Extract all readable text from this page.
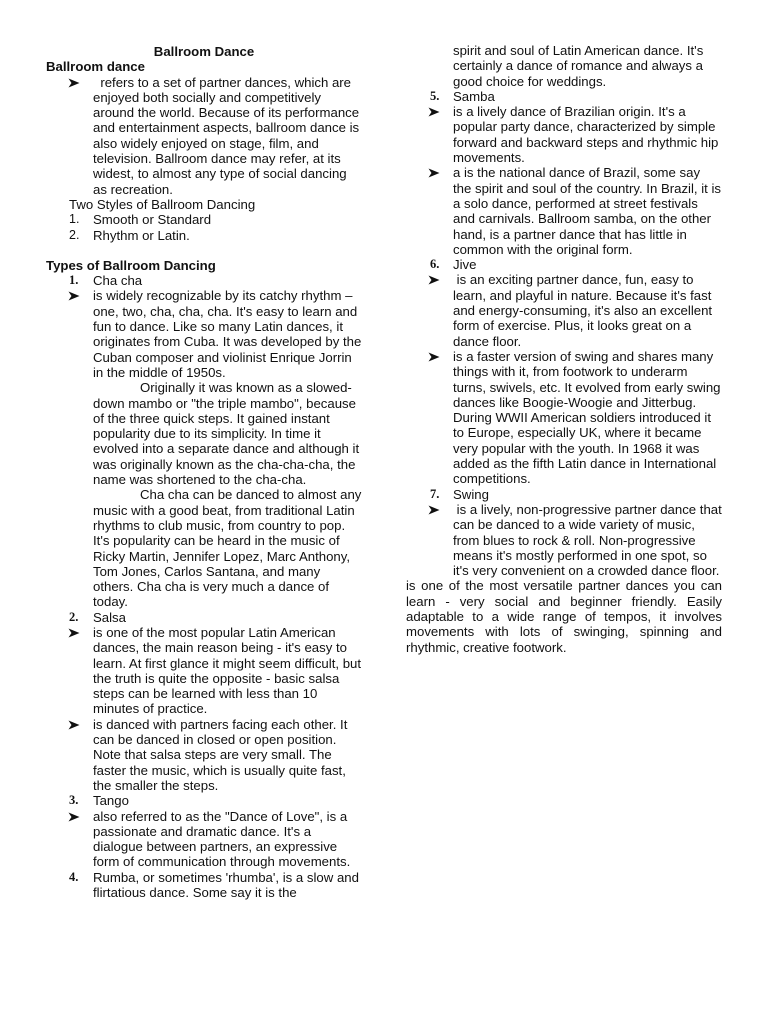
Ballroom Dance
Ballroom dance
refers to a set of partner dances, which are enjoyed both socially and competitively around the world. Because of its performance and entertainment aspects, ballroom dance is also widely enjoyed on stage, film, and television. Ballroom dance may refer, at its widest, to almost any type of social dancing as recreation.
Two Styles of Ballroom Dancing
1. Smooth or Standard
2. Rhythm or Latin.
Types of Ballroom Dancing
1. Cha cha
is widely recognizable by its catchy rhythm – one, two, cha, cha, cha. It's easy to learn and fun to dance. Like so many Latin dances, it originates from Cuba. It was developed by the Cuban composer and violinist Enrique Jorrin in the middle of 1950s.
Originally it was known as a slowed-down mambo or "the triple mambo", because of the three quick steps. It gained instant popularity due to its simplicity. In time it evolved into a separate dance and although it was originally known as the cha-cha-cha, the name was shortened to the cha-cha.
Cha cha can be danced to almost any music with a good beat, from traditional Latin rhythms to club music, from country to pop. It's popularity can be heard in the music of Ricky Martin, Jennifer Lopez, Marc Anthony, Tom Jones, Carlos Santana, and many others. Cha cha is very much a dance of today.
2. Salsa
is one of the most popular Latin American dances, the main reason being - it's easy to learn. At first glance it might seem difficult, but the truth is quite the opposite - basic salsa steps can be learned with less than 10 minutes of practice.
is danced with partners facing each other. It can be danced in closed or open position. Note that salsa steps are very small. The faster the music, which is usually quite fast, the smaller the steps.
3. Tango
also referred to as the "Dance of Love", is a passionate and dramatic dance. It's a dialogue between partners, an expressive form of communication through movements.
4. Rumba, or sometimes 'rhumba', is a slow and flirtatious dance. Some say it is the
spirit and soul of Latin American dance. It's certainly a dance of romance and always a good choice for weddings.
5. Samba
is a lively dance of Brazilian origin. It's a popular party dance, characterized by simple forward and backward steps and rhythmic hip movements.
a is the national dance of Brazil, some say the spirit and soul of the country. In Brazil, it is a solo dance, performed at street festivals and carnivals. Ballroom samba, on the other hand, is a partner dance that has little in common with the original form.
6. Jive
is an exciting partner dance, fun, easy to learn, and playful in nature. Because it's fast and energy-consuming, it's also an excellent form of exercise. Plus, it looks great on a dance floor.
is a faster version of swing and shares many things with it, from footwork to underarm turns, swivels, etc. It evolved from early swing dances like Boogie-Woogie and Jitterbug. During WWII American soldiers introduced it to Europe, especially UK, where it became very popular with the youth. In 1968 it was added as the fifth Latin dance in International competitions.
7. Swing
is a lively, non-progressive partner dance that can be danced to a wide variety of music, from blues to rock & roll. Non-progressive means it's mostly performed in one spot, so it's very convenient on a crowded dance floor.
is one of the most versatile partner dances you can learn - very social and beginner friendly. Easily adaptable to a wide range of tempos, it involves movements with lots of swinging, spinning and rhythmic, creative footwork.
